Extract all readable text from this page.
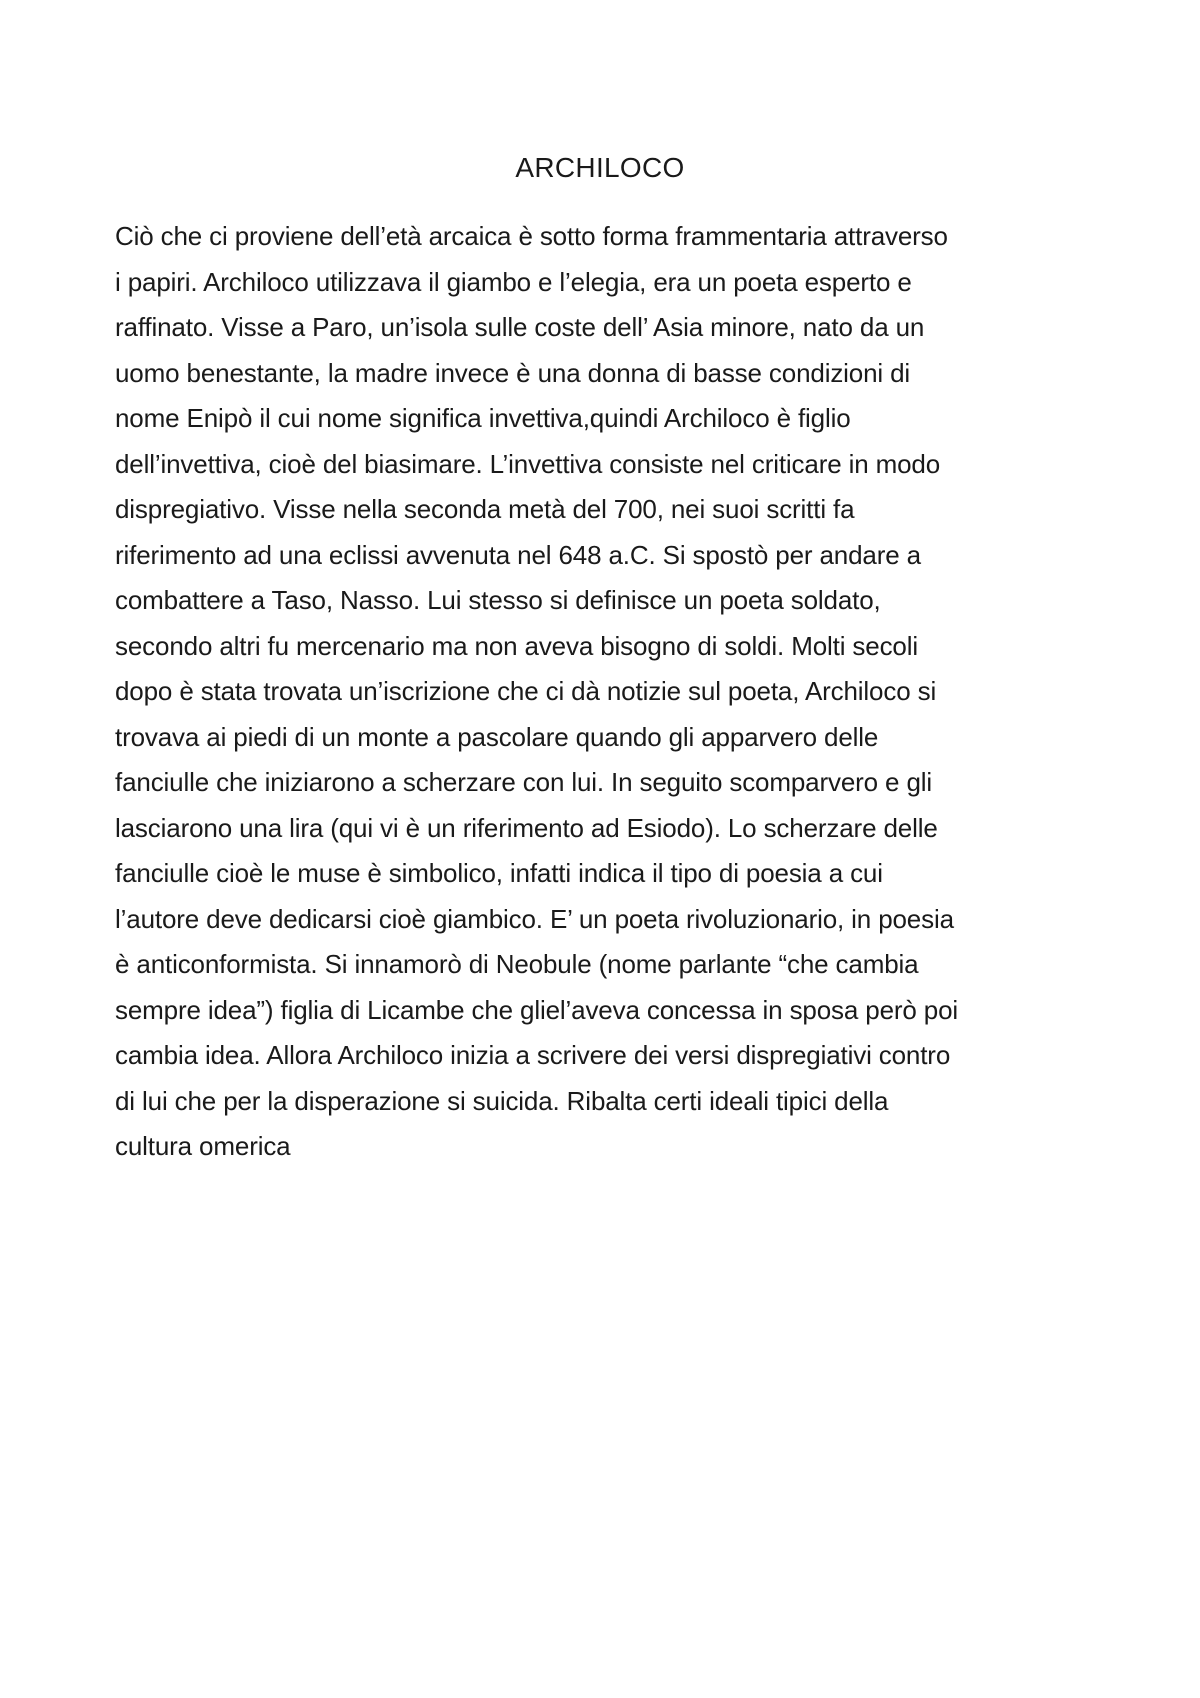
ARCHILOCO
Ciò che ci proviene dell’età arcaica è sotto forma frammentaria attraverso
i papiri. Archiloco utilizzava il giambo e l’elegia, era un poeta esperto e
raffinato. Visse a Paro, un’isola sulle coste dell’ Asia minore, nato da un
uomo benestante, la madre invece è una donna di basse condizioni di
nome Enipò il cui nome significa invettiva,quindi Archiloco è figlio
dell’invettiva, cioè del biasimare. L’invettiva consiste nel criticare in modo
dispregiativo. Visse nella seconda metà del 700, nei suoi scritti fa
riferimento ad una eclissi avvenuta nel 648 a.C. Si spostò per andare a
combattere a Taso, Nasso. Lui stesso si definisce un poeta soldato,
secondo altri fu mercenario ma non aveva bisogno di soldi. Molti secoli
dopo è stata trovata un’iscrizione che ci dà notizie sul poeta, Archiloco si
trovava ai piedi di un monte a pascolare quando gli apparvero delle
fanciulle che iniziarono a scherzare con lui. In seguito scomparvero e gli
lasciarono una lira (qui vi è un riferimento ad Esiodo). Lo scherzare delle
fanciulle cioè le muse è simbolico, infatti indica il tipo di poesia a cui
l’autore deve dedicarsi cioè giambico. E’ un poeta rivoluzionario, in poesia
è anticonformista. Si innamorò di Neobule (nome parlante “che cambia
sempre idea”) figlia di Licambe che gliel’aveva concessa in sposa però poi
cambia idea. Allora Archiloco inizia a scrivere dei versi dispregiativi contro
di lui che per la disperazione si suicida. Ribalta certi ideali tipici della
cultura omerica
